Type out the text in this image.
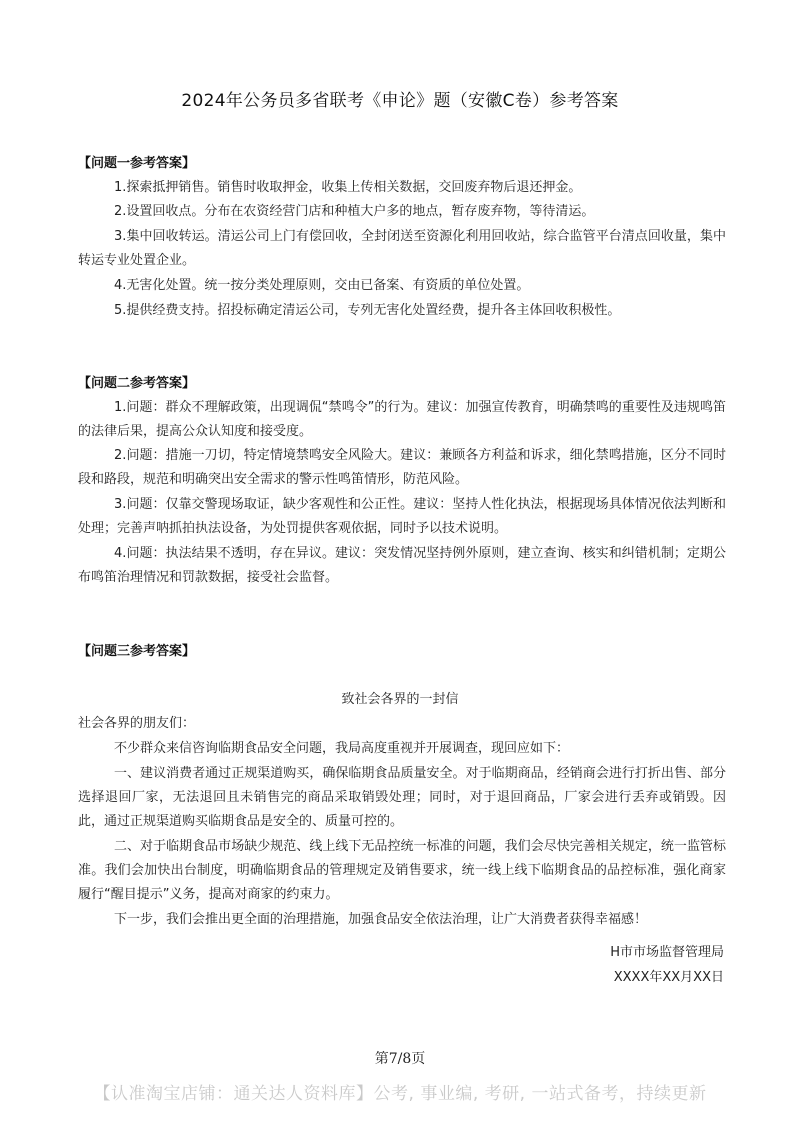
2024年公务员多省联考《申论》题（安徽C卷）参考答案
【问题一参考答案】

1.探索抵押销售。销售时收取押金，收集上传相关数据，交回废弃物后退还押金。

2.设置回收点。分布在农资经营门店和种植大户多的地点，暂存废弃物，等待清运。

3.集中回收转运。清运公司上门有偿回收，全封闭送至资源化利用回收站，综合监管平台清点回收量，集中转运专业处置企业。

4.无害化处置。统一按分类处理原则，交由已备案、有资质的单位处置。

5.提供经费支持。招投标确定清运公司，专列无害化处置经费，提升各主体回收积极性。

【问题二参考答案】

1.问题：群众不理解政策，出现调侃“禁鸣令”的行为。建议：加强宣传教育，明确禁鸣的重要性及违规鸣笛的法律后果，提高公众认知度和接受度。

2.问题：措施一刀切，特定情境禁鸣安全风险大。建议：兼顾各方利益和诉求，细化禁鸣措施，区分不同时段和路段，规范和明确突出安全需求的警示性鸣笛情形，防范风险。

3.问题：仅靠交警现场取证，缺少客观性和公正性。建议：坚持人性化执法，根据现场具体情况依法判断和处理；完善声呐抓拍执法设备，为处罚提供客观依据，同时予以技术说明。

4.问题：执法结果不透明，存在异议。建议：突发情况坚持例外原则，建立查询、核实和纠错机制；定期公布鸣笛治理情况和罚款数据，接受社会监督。

【问题三参考答案】
致社会各界的一封信
社会各界的朋友们：

不少群众来信咨询临期食品安全问题，我局高度重视并开展调查，现回应如下：

一、建议消费者通过正规渠道购买，确保临期食品质量安全。对于临期商品，经销商会进行打折出售、部分选择退回厂家，无法退回且未销售完的商品采取销毁处理；同时，对于退回商品，厂家会进行丢弃或销毁。因此，通过正规渠道购买临期食品是安全的、质量可控的。

二、对于临期食品市场缺少规范、线上线下无品控统一标准的问题，我们会尽快完善相关规定，统一监管标准。我们会加快出台制度，明确临期食品的管理规定及销售要求，统一线上线下临期食品的品控标准，强化商家履行“醒目提示”义务，提高对商家的约束力。

下一步，我们会推出更全面的治理措施，加强食品安全依法治理，让广大消费者获得幸福感！

H市市场监督管理局
XXXX年XX月XX日
第7/8页
【认准淘宝店铺：通关达人资料库】公考, 事业编, 考研, 一站式备考，持续更新
